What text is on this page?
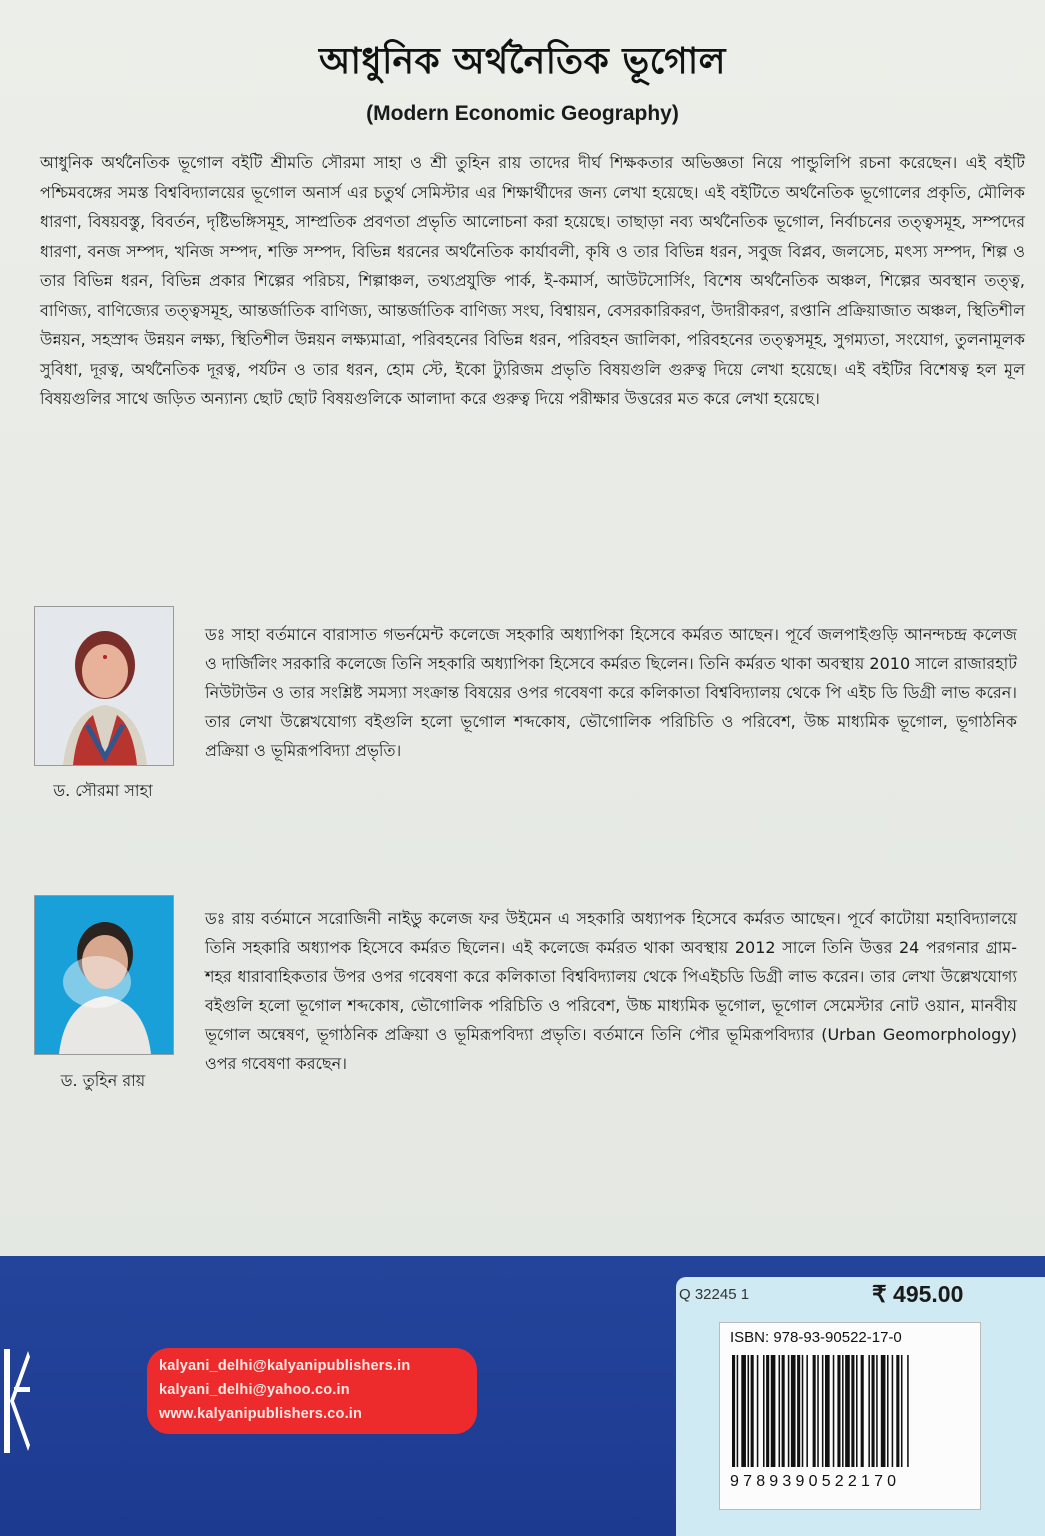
আধুনিক অর্থনৈতিক ভূগোল
(Modern Economic Geography)
আধুনিক অর্থনৈতিক ভূগোল বইটি শ্রীমতি সৌরমা সাহা ও শ্রী তুহিন রায় তাদের দীর্ঘ শিক্ষকতার অভিজ্ঞতা নিয়ে পান্ডুলিপি রচনা করেছেন। এই বইটি পশ্চিমবঙ্গের সমস্ত বিশ্ববিদ্যালয়ের ভূগোল অনার্স এর চতুর্থ সেমিস্টার এর শিক্ষার্থীদের জন্য লেখা হয়েছে। এই বইটিতে অর্থনৈতিক ভূগোলের প্রকৃতি, মৌলিক ধারণা, বিষয়বস্তু, বিবর্তন, দৃষ্টিভঙ্গিসমূহ, সাম্প্রতিক প্রবণতা প্রভৃতি আলোচনা করা হয়েছে। তাছাড়া নব্য অর্থনৈতিক ভূগোল, নির্বাচনের তত্ত্বসমূহ, সম্পদের ধারণা, বনজ সম্পদ, খনিজ সম্পদ, শক্তি সম্পদ, বিভিন্ন ধরনের অর্থনৈতিক কার্যাবলী, কৃষি ও তার বিভিন্ন ধরন, সবুজ বিপ্লব, জলসেচ, মৎস্য সম্পদ, শিল্প ও তার বিভিন্ন ধরন, বিভিন্ন প্রকার শিল্পের পরিচয়, শিল্পাঞ্চল, তথ্যপ্রযুক্তি পার্ক, ই-কমার্স, আউটসোর্সিং, বিশেষ অর্থনৈতিক অঞ্চল, শিল্পের অবস্থান তত্ত্ব, বাণিজ্য, বাণিজ্যের তত্ত্বসমূহ, আন্তর্জাতিক বাণিজ্য, আন্তর্জাতিক বাণিজ্য সংঘ, বিশ্বায়ন, বেসরকারিকরণ, উদারীকরণ, রপ্তানি প্রক্রিয়াজাত অঞ্চল, স্থিতিশীল উন্নয়ন, সহস্রাব্দ উন্নয়ন লক্ষ্য, স্থিতিশীল উন্নয়ন লক্ষ্যমাত্রা, পরিবহনের বিভিন্ন ধরন, পরিবহন জালিকা, পরিবহনের তত্ত্বসমূহ, সুগম্যতা, সংযোগ, তুলনামূলক সুবিধা, দূরত্ব, অর্থনৈতিক দূরত্ব, পর্যটন ও তার ধরন, হোম স্টে, ইকো ট্যুরিজম প্রভৃতি বিষয়গুলি গুরুত্ব দিয়ে লেখা হয়েছে। এই বইটির বিশেষত্ব হল মূল বিষয়গুলির সাথে জড়িত অন্যান্য ছোট ছোট বিষয়গুলিকে আলাদা করে গুরুত্ব দিয়ে পরীক্ষার উত্তরের মত করে লেখা হয়েছে।
ড. সৌরমা সাহা
ডঃ সাহা বর্তমানে বারাসাত গভর্নমেন্ট কলেজে সহকারি অধ্যাপিকা হিসেবে কর্মরত আছেন। পূর্বে জলপাইগুড়ি আনন্দচন্দ্র কলেজ ও দার্জিলিং সরকারি কলেজে তিনি সহকারি অধ্যাপিকা হিসেবে কর্মরত ছিলেন। তিনি কর্মরত থাকা অবস্থায় 2010 সালে রাজারহাট নিউটাউন ও তার সংশ্লিষ্ট সমস্যা সংক্রান্ত বিষয়ের ওপর গবেষণা করে কলিকাতা বিশ্ববিদ্যালয় থেকে পি এইচ ডি ডিগ্রী লাভ করেন। তার লেখা উল্লেখযোগ্য বইগুলি হলো ভূগোল শব্দকোষ, ভৌগোলিক পরিচিতি ও পরিবেশ, উচ্চ মাধ্যমিক ভূগোল, ভূগাঠনিক প্রক্রিয়া ও ভূমিরূপবিদ্যা প্রভৃতি।
ড. তুহিন রায়
ডঃ রায় বর্তমানে সরোজিনী নাইডু কলেজ ফর উইমেন এ সহকারি অধ্যাপক হিসেবে কর্মরত আছেন। পূর্বে কাটোয়া মহাবিদ্যালয়ে তিনি সহকারি অধ্যাপক হিসেবে কর্মরত ছিলেন। এই কলেজে কর্মরত থাকা অবস্থায় 2012 সালে তিনি উত্তর 24 পরগনার গ্রাম-শহর ধারাবাহিকতার উপর ওপর গবেষণা করে কলিকাতা বিশ্ববিদ্যালয় থেকে পিএইচডি ডিগ্রী লাভ করেন। তার লেখা উল্লেখযোগ্য বইগুলি হলো ভূগোল শব্দকোষ, ভৌগোলিক পরিচিতি ও পরিবেশ, উচ্চ মাধ্যমিক ভূগোল, ভূগোল সেমেস্টার নোট ওয়ান, মানবীয় ভূগোল অন্বেষণ, ভূগাঠনিক প্রক্রিয়া ও ভূমিরূপবিদ্যা প্রভৃতি। বর্তমানে তিনি পৌর ভূমিরূপবিদ্যার (Urban Geomorphology) ওপর গবেষণা করছেন।
kalyani_delhi@kalyanipublishers.in
kalyani_delhi@yahoo.co.in
www.kalyanipublishers.co.in
Q 32245 1	₹ 495.00
ISBN: 978-93-90522-17-0
9789390522170
